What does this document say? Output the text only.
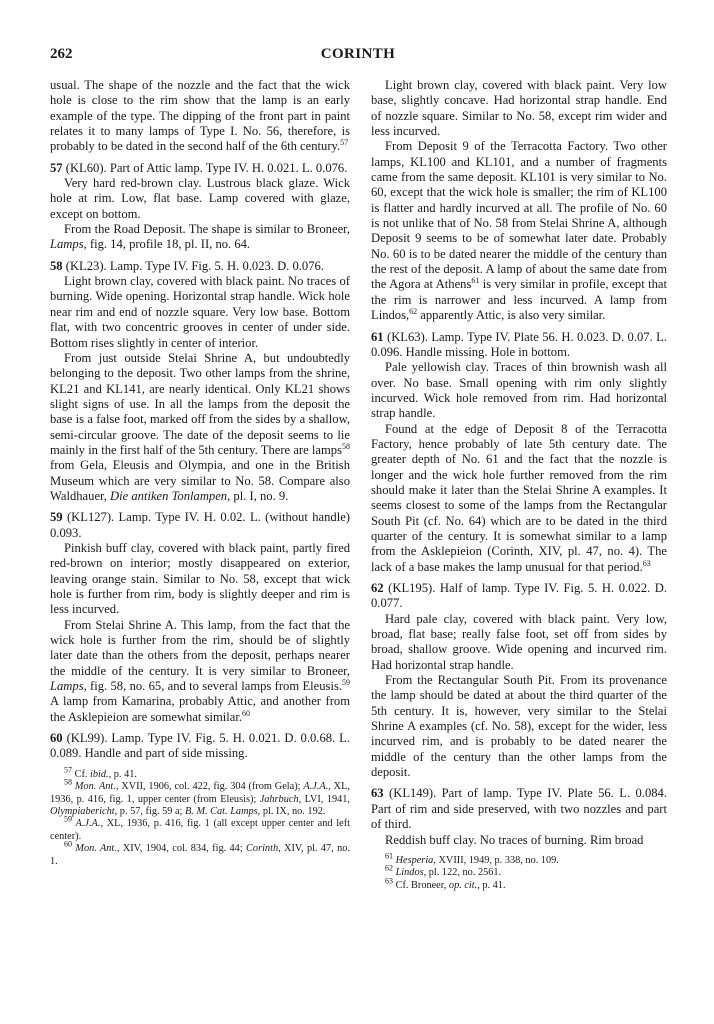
262	CORINTH

usual. The shape of the nozzle and the fact that the wick hole is close to the rim show that the lamp is an early example of the type. The dipping of the front part in paint relates it to many lamps of Type I. No. 56, therefore, is probably to be dated in the second half of the 6th century.$^{57}$

57 (KL60). Part of Attic lamp. Type IV. H. 0.021. L. 0.076.

Very hard red-brown clay. Lustrous black glaze. Wick hole at rim. Low, flat base. Lamp covered with glaze, except on bottom.

From the Road Deposit. The shape is similar to Broneer, Lamps, fig. 14, profile 18, pl. II, no. 64.

58 (KL23). Lamp. Type IV. Fig. 5. H. 0.023. D. 0.076.

Light brown clay, covered with black paint. No traces of burning. Wide opening. Horizontal strap handle. Wick hole near rim and end of nozzle square. Very low base. Bottom flat, with two concentric grooves in center of under side. Bottom rises slightly in center of interior.

From just outside Stelai Shrine A, but undoubtedly belonging to the deposit. Two other lamps from the shrine, KL21 and KL141, are nearly identical. Only KL21 shows slight signs of use. In all the lamps from the deposit the base is a false foot, marked off from the sides by a shallow, semi-circular groove. The date of the deposit seems to lie mainly in the first half of the 5th century. There are lamps$^{58}$ from Gela, Eleusis and Olympia, and one in the British Museum which are very similar to No. 58. Compare also Waldhauer, Die antiken Tonlampen, pl. I, no. 9.

59 (KL127). Lamp. Type IV. H. 0.02. L. (without handle) 0.093.

Pinkish buff clay, covered with black paint, partly fired red-brown on interior; mostly disappeared on exterior, leaving orange stain. Similar to No. 58, except that wick hole is further from rim, body is slightly deeper and rim is less incurved.

From Stelai Shrine A. This lamp, from the fact that the wick hole is further from the rim, should be of slightly later date than the others from the deposit, perhaps nearer the middle of the century. It is very similar to Broneer, Lamps, fig. 58, no. 65, and to several lamps from Eleusis.$^{59}$ A lamp from Kamarina, probably Attic, and another from the Asklepieion are somewhat similar.$^{60}$

60 (KL99). Lamp. Type IV. Fig. 5. H. 0.021. D. 0.0.68. L. 0.089. Handle and part of side missing.

$^{57}$ Cf. ibid., p. 41.

$^{58}$ Mon. Ant., XVII, 1906, col. 422, fig. 304 (from Gela); A.J.A., XL, 1936, p. 416, fig. 1, upper center (from Eleusis); Jahrbuch, LVI, 1941, Olympiabericht, p. 57, fig. 59 a; B. M. Cat. Lamps, pl. IX, no. 192.

$^{59}$ A.J.A., XL, 1936, p. 416, fig. 1 (all except upper center and left center).

$^{60}$ Mon. Ant., XIV, 1904, col. 834, fig. 44; Corinth, XIV, pl. 47, no. 1.

Light brown clay, covered with black paint. Very low base, slightly concave. Had horizontal strap handle. End of nozzle square. Similar to No. 58, except rim wider and less incurved.

From Deposit 9 of the Terracotta Factory. Two other lamps, KL100 and KL101, and a number of fragments came from the same deposit. KL101 is very similar to No. 60, except that the wick hole is smaller; the rim of KL100 is flatter and hardly incurved at all. The profile of No. 60 is not unlike that of No. 58 from Stelai Shrine A, although Deposit 9 seems to be of somewhat later date. Probably No. 60 is to be dated nearer the middle of the century than the rest of the deposit. A lamp of about the same date from the Agora at Athens$^{61}$ is very similar in profile, except that the rim is narrower and less incurved. A lamp from Lindos,$^{62}$ apparently Attic, is also very similar.

61 (KL63). Lamp. Type IV. Plate 56. H. 0.023. D. 0.07. L. 0.096. Handle missing. Hole in bottom.

Pale yellowish clay. Traces of thin brownish wash all over. No base. Small opening with rim only slightly incurved. Wick hole removed from rim. Had horizontal strap handle.

Found at the edge of Deposit 8 of the Terracotta Factory, hence probably of late 5th century date. The greater depth of No. 61 and the fact that the nozzle is longer and the wick hole further removed from the rim should make it later than the Stelai Shrine A examples. It seems closest to some of the lamps from the Rectangular South Pit (cf. No. 64) which are to be dated in the third quarter of the century. It is somewhat similar to a lamp from the Asklepieion (Corinth, XIV, pl. 47, no. 4). The lack of a base makes the lamp unusual for that period.$^{63}$

62 (KL195). Half of lamp. Type IV. Fig. 5. H. 0.022. D. 0.077.

Hard pale clay, covered with black paint. Very low, broad, flat base; really false foot, set off from sides by broad, shallow groove. Wide opening and incurved rim. Had horizontal strap handle.

From the Rectangular South Pit. From its provenance the lamp should be dated at about the third quarter of the 5th century. It is, however, very similar to the Stelai Shrine A examples (cf. No. 58), except for the wider, less incurved rim, and is probably to be dated nearer the middle of the century than the other lamps from the deposit.

63 (KL149). Part of lamp. Type IV. Plate 56. L. 0.084. Part of rim and side preserved, with two nozzles and part of third.

Reddish buff clay. No traces of burning. Rim broad

$^{61}$ Hesperia, XVIII, 1949, p. 338, no. 109.

$^{62}$ Lindos, pl. 122, no. 2561.

$^{63}$ Cf. Broneer, op. cit., p. 41.
